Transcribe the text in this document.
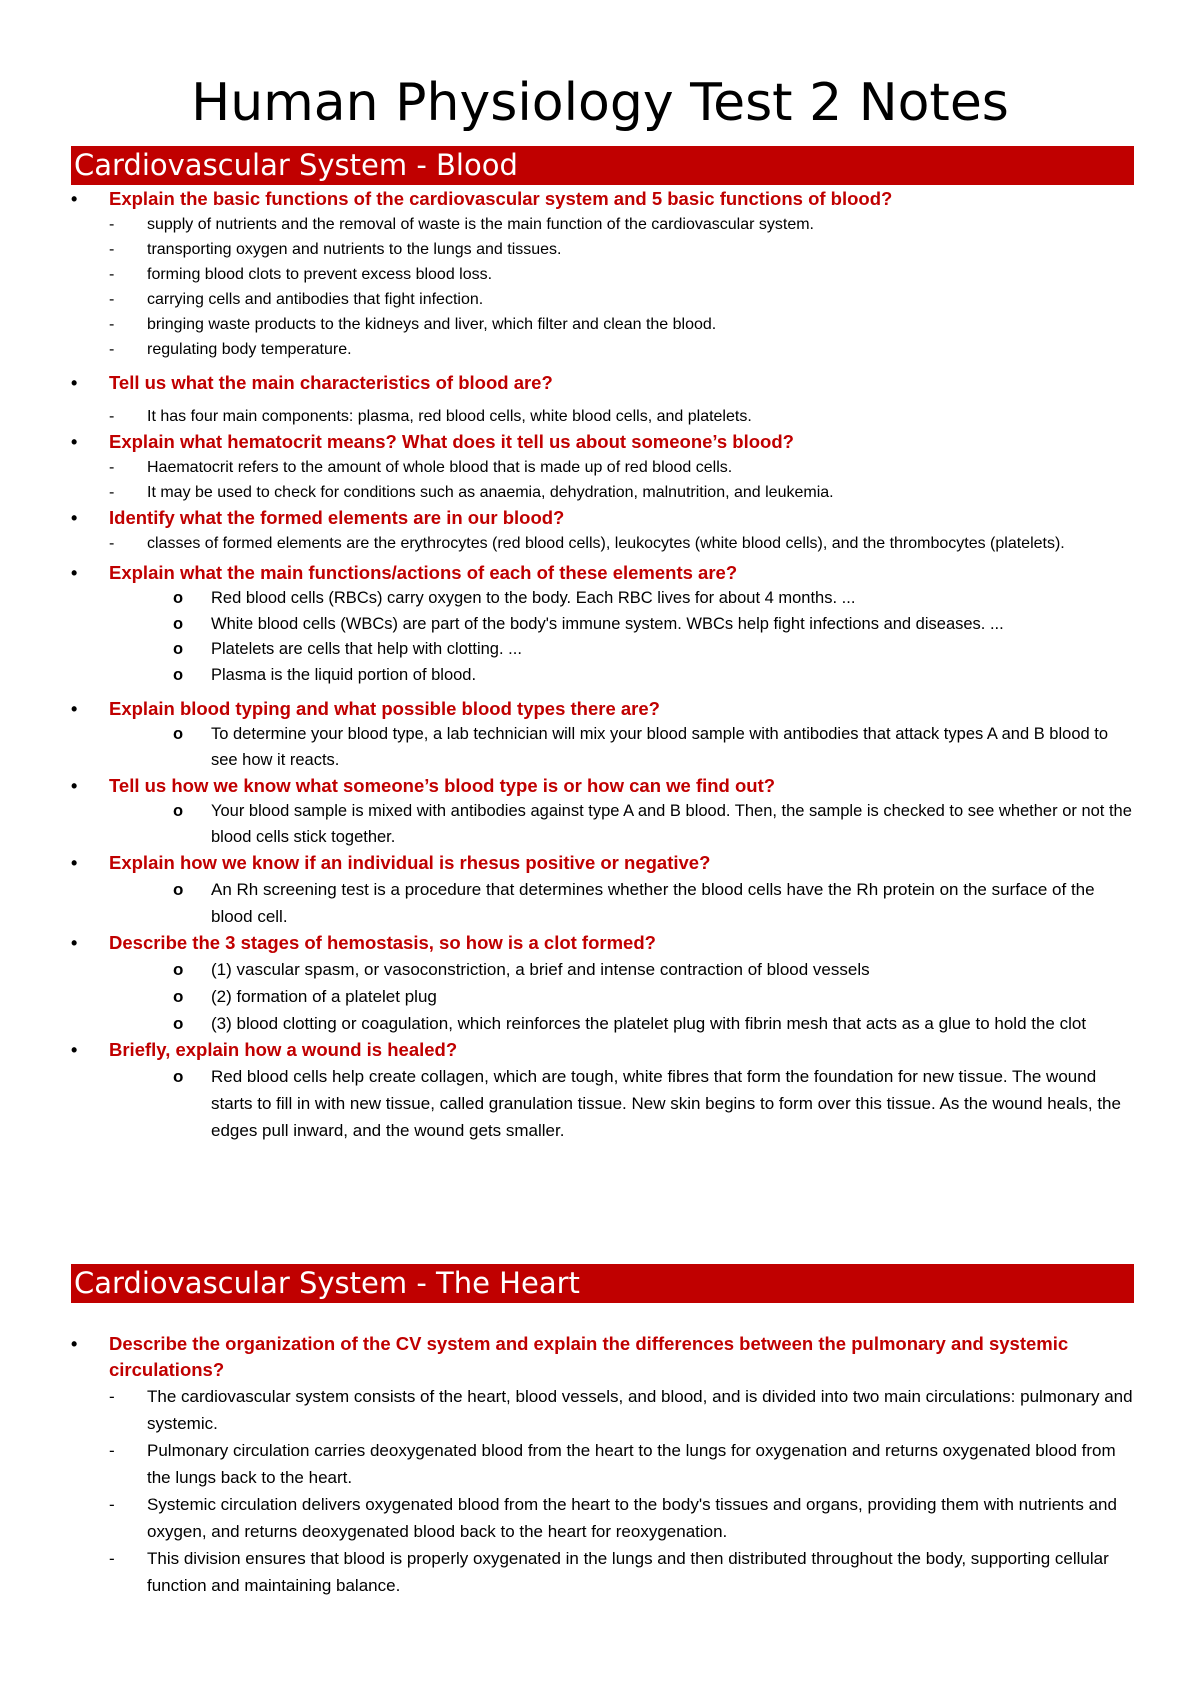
Human Physiology Test 2 Notes
Cardiovascular System - Blood
• Explain the basic functions of the cardiovascular system and 5 basic functions of blood?
- supply of nutrients and the removal of waste is the main function of the cardiovascular system.
- transporting oxygen and nutrients to the lungs and tissues.
- forming blood clots to prevent excess blood loss.
- carrying cells and antibodies that fight infection.
- bringing waste products to the kidneys and liver, which filter and clean the blood.
- regulating body temperature.
• Tell us what the main characteristics of blood are?
- It has four main components: plasma, red blood cells, white blood cells, and platelets.
• Explain what hematocrit means? What does it tell us about someone’s blood?
- Haematocrit refers to the amount of whole blood that is made up of red blood cells.
- It may be used to check for conditions such as anaemia, dehydration, malnutrition, and leukemia.
• Identify what the formed elements are in our blood?
- classes of formed elements are the erythrocytes (red blood cells), leukocytes (white blood cells), and the thrombocytes (platelets).
• Explain what the main functions/actions of each of these elements are?
o Red blood cells (RBCs) carry oxygen to the body. Each RBC lives for about 4 months. ...
o White blood cells (WBCs) are part of the body's immune system. WBCs help fight infections and diseases. ...
o Platelets are cells that help with clotting. ...
o Plasma is the liquid portion of blood.
• Explain blood typing and what possible blood types there are?
o To determine your blood type, a lab technician will mix your blood sample with antibodies that attack types A and B blood to see how it reacts.
• Tell us how we know what someone’s blood type is or how can we find out?
o Your blood sample is mixed with antibodies against type A and B blood. Then, the sample is checked to see whether or not the blood cells stick together.
• Explain how we know if an individual is rhesus positive or negative?
o An Rh screening test is a procedure that determines whether the blood cells have the Rh protein on the surface of the blood cell.
• Describe the 3 stages of hemostasis, so how is a clot formed?
o (1) vascular spasm, or vasoconstriction, a brief and intense contraction of blood vessels
o (2) formation of a platelet plug
o (3) blood clotting or coagulation, which reinforces the platelet plug with fibrin mesh that acts as a glue to hold the clot
• Briefly, explain how a wound is healed?
o Red blood cells help create collagen, which are tough, white fibres that form the foundation for new tissue. The wound starts to fill in with new tissue, called granulation tissue. New skin begins to form over this tissue. As the wound heals, the edges pull inward, and the wound gets smaller.
Cardiovascular System - The Heart
• Describe the organization of the CV system and explain the differences between the pulmonary and systemic circulations?
- The cardiovascular system consists of the heart, blood vessels, and blood, and is divided into two main circulations: pulmonary and systemic.
- Pulmonary circulation carries deoxygenated blood from the heart to the lungs for oxygenation and returns oxygenated blood from the lungs back to the heart.
- Systemic circulation delivers oxygenated blood from the heart to the body's tissues and organs, providing them with nutrients and oxygen, and returns deoxygenated blood back to the heart for reoxygenation.
- This division ensures that blood is properly oxygenated in the lungs and then distributed throughout the body, supporting cellular function and maintaining balance.
